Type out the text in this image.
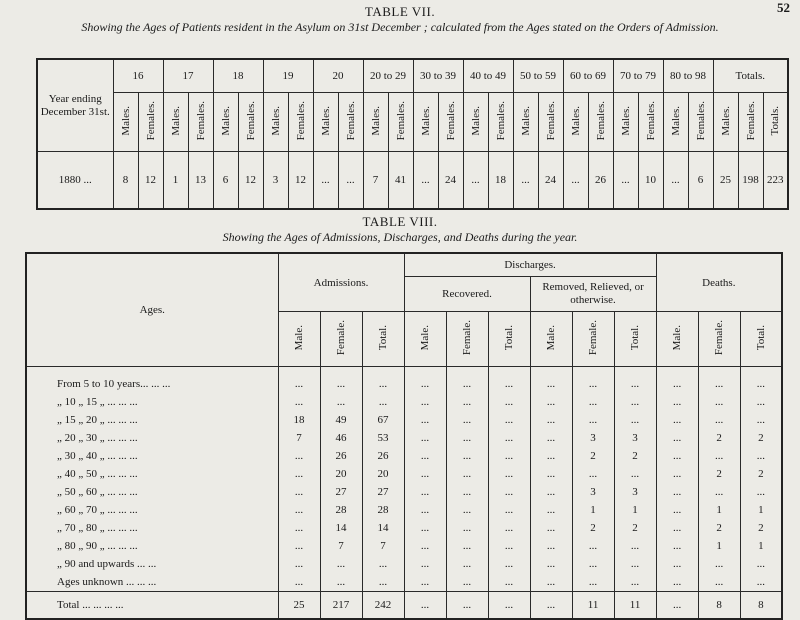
52
TABLE VII.
Showing the Ages of Patients resident in the Asylum on 31st December ; calculated from the Ages stated on the Orders of Admission.
Year ending December 31st.	16		17		18		19		20		20 to 29		30 to 39		40 to 49		50 to 59		60 to 69		70 to 79		80 to 98		Totals.		
	Males.	Females.	Males.	Females.	Males.	Females.	Males.	Females.	Males.	Females.	Males.	Females.	Males.	Females.	Males.	Females.	Males.	Females.	Males.	Females.	Males.	Females.	Males.	Females.	Males.	Females.	Totals.
1880 ...	8	12	1	13	6	12	3	12	...	...	7	41	...	24	...	18	...	24	...	26	...	10	...	6	25	198	223
TABLE VIII.
Showing the Ages of Admissions, Discharges, and Deaths during the year.
Ages.	Admissions.			Discharges.						Deaths.		
				Recovered.			Removed, Relieved, or otherwise.					
	Male.	Female.	Total.	Male.	Female.	Total.	Male.	Female.	Total.	Male.	Female.	Total.

From 5 to 10 years... ... ...	...	...	...	...	...	...	...	...	...	...	...	...
„ 10 „ 15 „ ... ... ...	...	...	...	...	...	...	...	...	...	...	...	...
„ 15 „ 20 „ ... ... ...	18	49	67	...	...	...	...	...	...	...	...	...
„ 20 „ 30 „ ... ... ...	7	46	53	...	...	...	...	3	3	...	2	2
„ 30 „ 40 „ ... ... ...	...	26	26	...	...	...	...	2	2	...	...	...
„ 40 „ 50 „ ... ... ...	...	20	20	...	...	...	...	...	...	...	2	2
„ 50 „ 60 „ ... ... ...	...	27	27	...	...	...	...	3	3	...	...	...
„ 60 „ 70 „ ... ... ...	...	28	28	...	...	...	...	1	1	...	1	1
„ 70 „ 80 „ ... ... ...	...	14	14	...	...	...	...	2	2	...	2	2
„ 80 „ 90 „ ... ... ...	...	7	7	...	...	...	...	...	...	...	1	1
„ 90 and upwards ... ...	...	...	...	...	...	...	...	...	...	...	...	...
Ages unknown ... ... ...	...	...	...	...	...	...	...	...	...	...	...	...
Total ... ... ... ...	25	217	242	...	...	...	...	11	11	...	8	8
